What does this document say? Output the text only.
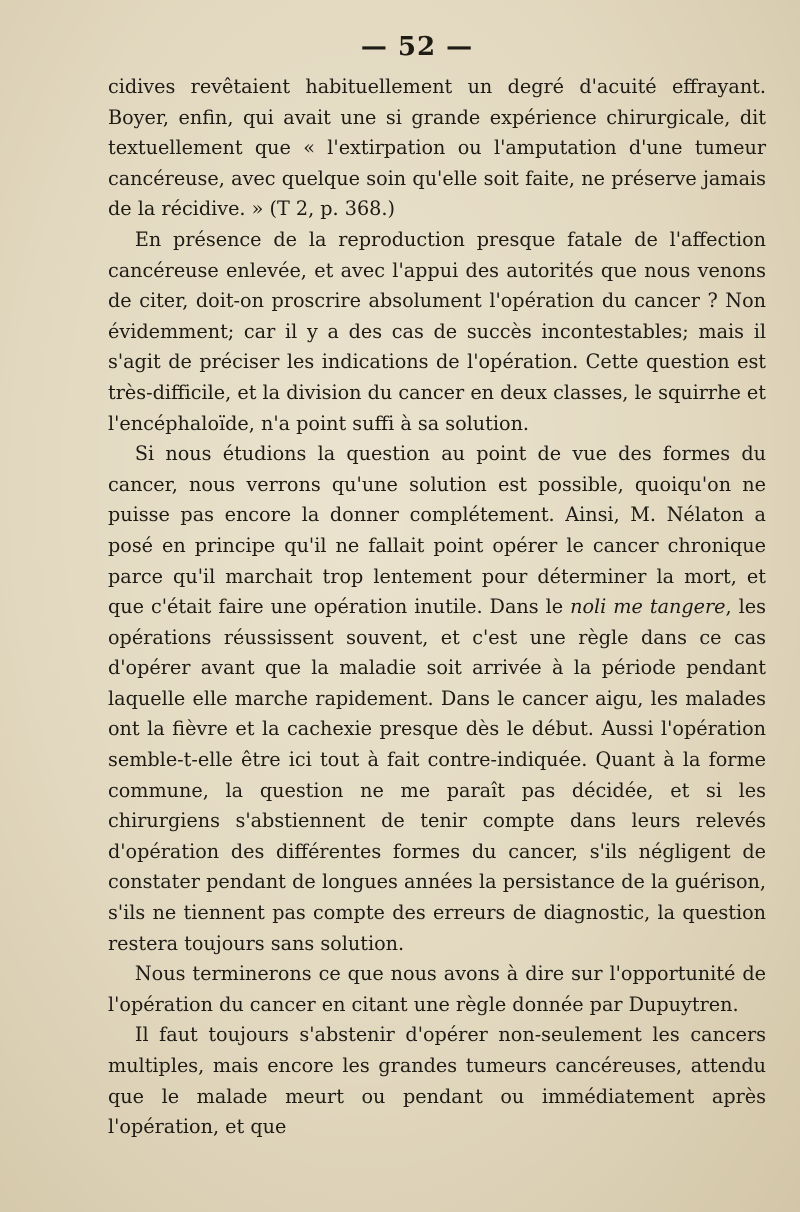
— 52 —

cidives revêtaient habituellement un degré d'acuité effrayant. Boyer, enfin, qui avait une si grande expérience chirurgicale, dit textuellement que « l'extirpation ou l'amputation d'une tumeur cancéreuse, avec quelque soin qu'elle soit faite, ne préserve jamais de la récidive. » (T 2, p. 368.)

En présence de la reproduction presque fatale de l'affection cancéreuse enlevée, et avec l'appui des autorités que nous venons de citer, doit-on proscrire absolument l'opération du cancer ? Non évidemment; car il y a des cas de succès incontestables; mais il s'agit de préciser les indications de l'opération. Cette question est très-difficile, et la division du cancer en deux classes, le squirrhe et l'encéphaloïde, n'a point suffi à sa solution.

Si nous étudions la question au point de vue des formes du cancer, nous verrons qu'une solution est possible, quoiqu'on ne puisse pas encore la donner complétement. Ainsi, M. Nélaton a posé en principe qu'il ne fallait point opérer le cancer chronique parce qu'il marchait trop lentement pour déterminer la mort, et que c'était faire une opération inutile. Dans le noli me tangere, les opérations réussissent souvent, et c'est une règle dans ce cas d'opérer avant que la maladie soit arrivée à la période pendant laquelle elle marche rapidement. Dans le cancer aigu, les malades ont la fièvre et la cachexie presque dès le début. Aussi l'opération semble-t-elle être ici tout à fait contre-indiquée. Quant à la forme commune, la question ne me paraît pas décidée, et si les chirurgiens s'abstiennent de tenir compte dans leurs relevés d'opération des différentes formes du cancer, s'ils négligent de constater pendant de longues années la persistance de la guérison, s'ils ne tiennent pas compte des erreurs de diagnostic, la question restera toujours sans solution.

Nous terminerons ce que nous avons à dire sur l'opportunité de l'opération du cancer en citant une règle donnée par Dupuytren.

Il faut toujours s'abstenir d'opérer non-seulement les cancers multiples, mais encore les grandes tumeurs cancéreuses, attendu que le malade meurt ou pendant ou immédiatement après l'opération, et que
